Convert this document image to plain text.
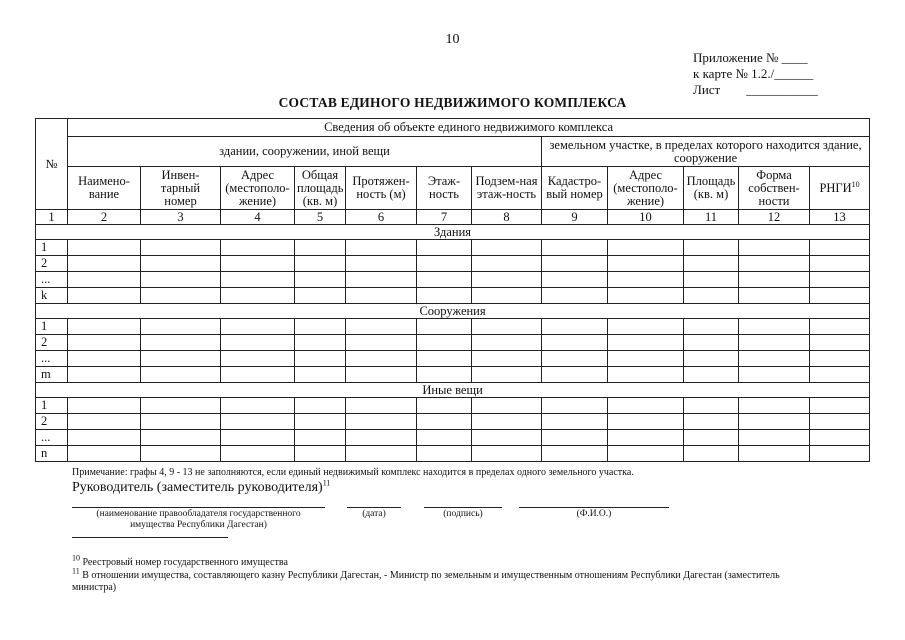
10
Приложение № ____
к карте № 1.2./______
Лист        ___________
СОСТАВ ЕДИНОГО НЕДВИЖИМОГО КОМПЛЕКСА
№	Сведения об объекте единого недвижимого комплекса											
	здании, сооружении, иной вещи							земельном участке, в пределах которого находится здание, сооружение				
	Наимено-
вание	Инвен-
тарный
номер	Адрес
(местополо-
жение)	Общая
площадь
(кв. м)	Протяжен-
ность (м)	Этаж-
ность	Подзем-ная
этаж-ность	Кадастро-
вый номер	Адрес
(местополо-
жение)	Площадь
(кв. м)	Форма
собствен-
ности	РНГИ$^{10}$
1	2	3	4	5	6	7	8	9	10	11	12	13
Здания												
1												
2												
...												
k												
Сооружения												
1												
2												
...												
m												
Иные вещи												
1												
2												
...												
n												
Примечание: графы 4, 9 - 13 не заполняются, если единый недвижимый комплекс находится в пределах одного земельного участка.
Руководитель (заместитель руководителя)$^{11}$
(наименование правообладателя государственного
имущества Республики Дагестан)
(дата)	(подпись)	(Ф.И.О.)
$^{10}$ Реестровый номер государственного имущества
$^{11}$ В отношении имущества, составляющего казну Республики Дагестан, - Министр по земельным и имущественным отношениям Республики Дагестан (заместитель
министра)
